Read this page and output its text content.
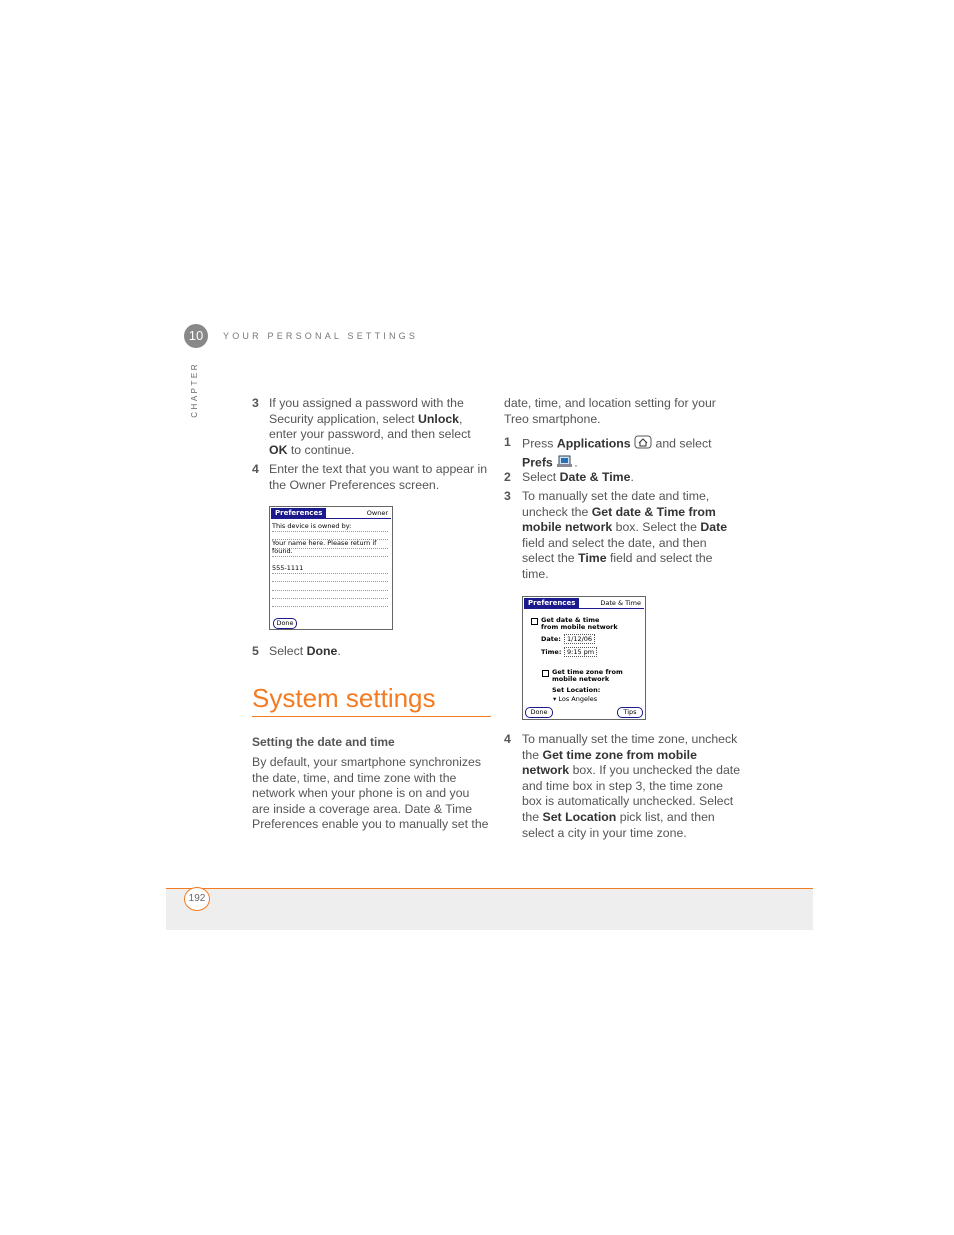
10	YOUR PERSONAL SETTINGS
CHAPTER	3 If you assigned a password with the
Security application, select Unlock,
enter your password, and then select
OK to continue.
4 Enter the text that you want to appear in
the Owner Preferences screen.
Preferences	Owner
This device is owned by:
Your name here. Please return if
found.
555-1111
Done
5 Select Done.
System settings
Setting the date and time
By default, your smartphone synchronizes
the date, time, and time zone with the
network when your phone is on and you
are inside a coverage area. Date & Time
Preferences enable you to manually set the
date, time, and location setting for your
Treo smartphone.
1 Press Applications  and select
Prefs .
2 Select Date & Time.
3 To manually set the date and time,
uncheck the Get date & Time from
mobile network box. Select the Date
field and select the date, and then
select the Time field and select the
time.
Preferences	Date & Time
Get date & time
from mobile network
Date: 1/12/06
Time: 9:15 pm
Get time zone from
mobile network
Set Location:
▾ Los Angeles
Done	Tips
4 To manually set the time zone, uncheck
the Get time zone from mobile
network box. If you unchecked the date
and time box in step 3, the time zone
box is automatically unchecked. Select
the Set Location pick list, and then
select a city in your time zone.
192
